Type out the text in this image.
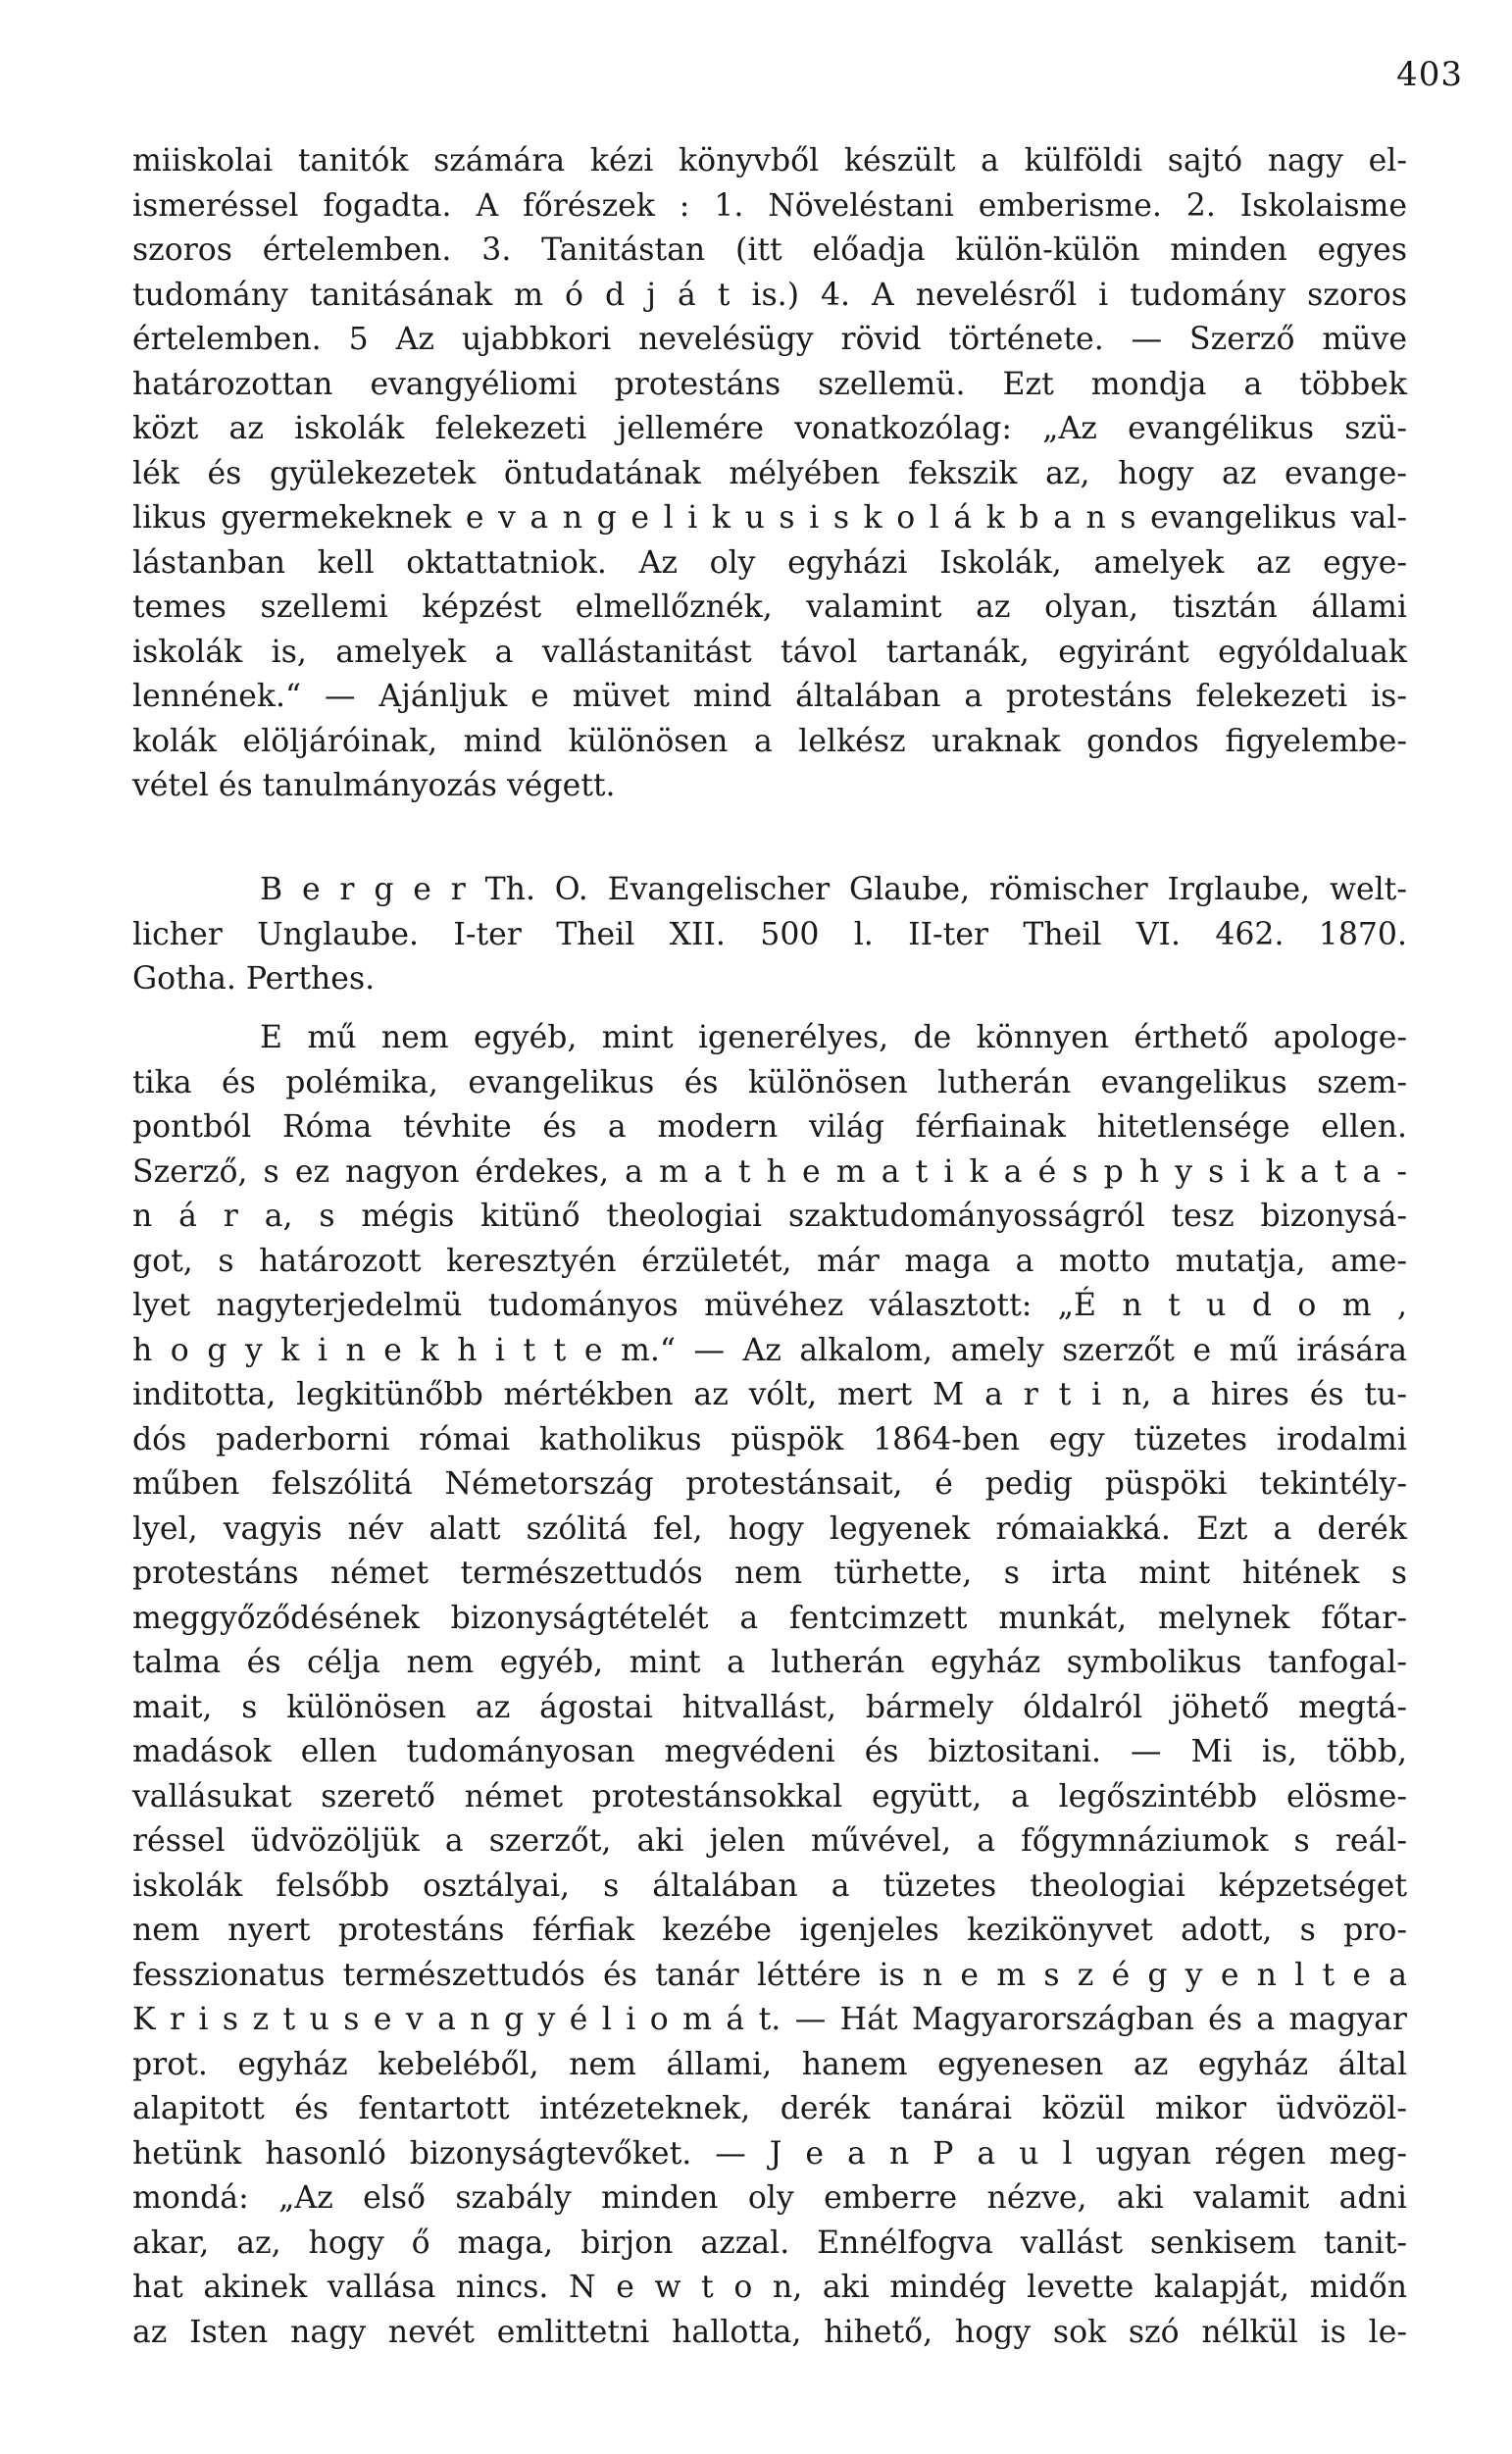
403
miiskolai tanitók számára kézi könyvből készült a külföldi sajtó nagy el-
ismeréssel fogadta. A főrészek : 1. Növeléstani emberisme. 2. Iskolaisme
szoros értelemben. 3. Tanitástan (itt előadja külön-külön minden egyes
tudomány tanitásának m ó d j á t is.) 4. A nevelésről i tudomány szoros
értelemben. 5 Az ujabbkori nevelésügy rövid története. — Szerző müve
határozottan evangyéliomi protestáns szellemü. Ezt mondja a többek
közt az iskolák felekezeti jellemére vonatkozólag: „Az evangélikus szü-
lék és gyülekezetek öntudatának mélyében fekszik az, hogy az evange-
likus gyermekeknek e v a n g e l i k u s i s k o l á k b a n s evangelikus val-
lástanban kell oktattatniok. Az oly egyházi Iskolák, amelyek az egye-
temes szellemi képzést elmellőznék, valamint az olyan, tisztán állami
iskolák is, amelyek a vallástanitást távol tartanák, egyiránt egyóldaluak
lennének.“ — Ajánljuk e müvet mind általában a protestáns felekezeti is-
kolák elöljáróinak, mind különösen a lelkész uraknak gondos figyelembe-
vétel és tanulmányozás végett.
B e r g e r Th. O. Evangelischer Glaube, römischer Irglaube, welt-
licher Unglaube. I-ter Theil XII. 500 l. II-ter Theil VI. 462. 1870.
Gotha. Perthes.
E mű nem egyéb, mint igenerélyes, de könnyen érthető apologe-
tika és polémika, evangelikus és különösen lutherán evangelikus szem-
pontból Róma tévhite és a modern világ férfiainak hitetlensége ellen.
Szerző, s ez nagyon érdekes, a m a t h e m a t i k a é s p h y s i k a t a -
n á r a, s mégis kitünő theologiai szaktudományosságról tesz bizonysá-
got, s határozott keresztyén érzületét, már maga a motto mutatja, ame-
lyet nagyterjedelmü tudományos müvéhez választott: „É n t u d o m ,
h o g y k i n e k h i t t e m.“ — Az alkalom, amely szerzőt e mű irására
inditotta, legkitünőbb mértékben az vólt, mert M a r t i n, a hires és tu-
dós paderborni római katholikus püspök 1864-ben egy tüzetes irodalmi
műben felszólitá Németország protestánsait, é pedig püspöki tekintély-
lyel, vagyis név alatt szólitá fel, hogy legyenek rómaiakká. Ezt a derék
protestáns német természettudós nem türhette, s irta mint hitének s
meggyőződésének bizonyságtételét a fentcimzett munkát, melynek főtar-
talma és célja nem egyéb, mint a lutherán egyház symbolikus tanfogal-
mait, s különösen az ágostai hitvallást, bármely óldalról jöhető megtá-
madások ellen tudományosan megvédeni és biztositani. — Mi is, több,
vallásukat szerető német protestánsokkal együtt, a legőszintébb elösme-
réssel üdvözöljük a szerzőt, aki jelen művével, a főgymnáziumok s reál-
iskolák felsőbb osztályai, s általában a tüzetes theologiai képzetséget
nem nyert protestáns férfiak kezébe igenjeles kezikönyvet adott, s pro-
fesszionatus természettudós és tanár léttére is n e m s z é g y e n l t e a
K r i s z t u s e v a n g y é l i o m á t. — Hát Magyarországban és a magyar
prot. egyház kebeléből, nem állami, hanem egyenesen az egyház által
alapitott és fentartott intézeteknek, derék tanárai közül mikor üdvözöl-
hetünk hasonló bizonyságtevőket. — J e a n P a u l ugyan régen meg-
mondá: „Az első szabály minden oly emberre nézve, aki valamit adni
akar, az, hogy ő maga, birjon azzal. Ennélfogva vallást senkisem tanit-
hat akinek vallása nincs. N e w t o n, aki mindég levette kalapját, midőn
az Isten nagy nevét emlittetni hallotta, hihető, hogy sok szó nélkül is le-
